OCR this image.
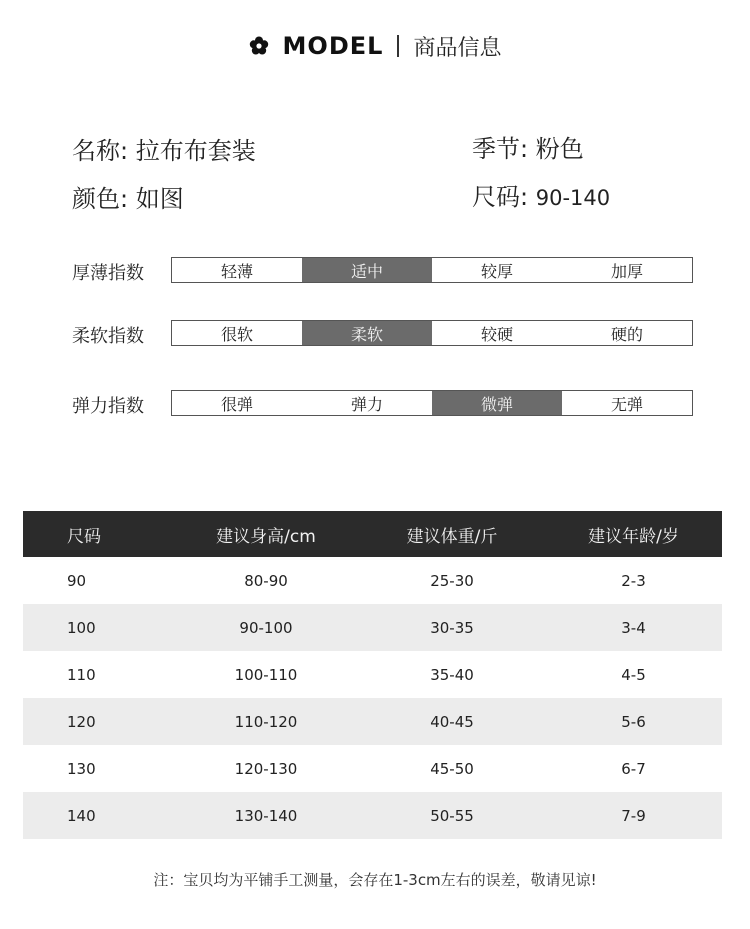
MODEL 商品信息
名称: 拉布布套装	季节: 粉色
颜色: 如图	尺码: 90-140
厚薄指数	轻薄	适中	较厚	加厚
柔软指数	很软	柔软	较硬	硬的
弹力指数	很弹	弹力	微弹	无弹
尺码	建议身高/cm	建议体重/斤	建议年龄/岁
90	80-90	25-30	2-3
100	90-100	30-35	3-4
110	100-110	35-40	4-5
120	110-120	40-45	5-6
130	120-130	45-50	6-7
140	130-140	50-55	7-9
注：宝贝均为平铺手工测量，会存在1-3cm左右的误差，敬请见谅!
